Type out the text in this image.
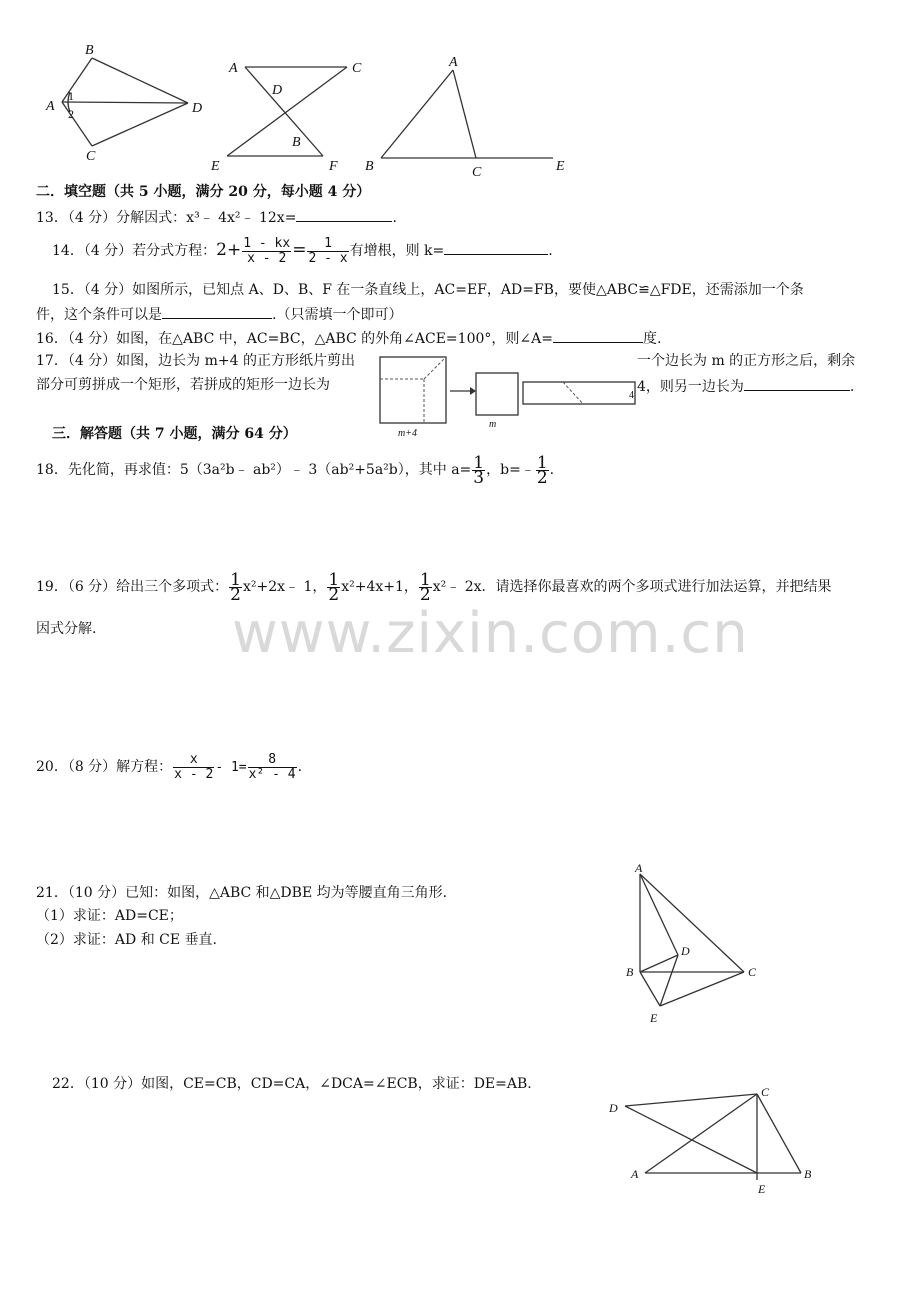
B
A	D
C
1
2
A	C
D
B
E	F
A
B	C	E
二．填空题（共 5 小题，满分 20 分，每小题 4 分）
13．（4 分）分解因式：x³﹣ 4x²﹣ 12x=	.
14．（4 分）若分式方程：$2+ \frac{1 - kx}{x - 2} = \frac{1}{2 - x}$ 有增根，则 k=	.
15．（4 分）如图所示，已知点 A、D、B、F 在一条直线上，AC=EF，AD=FB，要使△ABC≌△FDE，还需添加一个条
件，这个条件可以是	.（只需填一个即可）
16．（4 分）如图，在△ABC 中，AC=BC，△ABC 的外角∠ACE=100°，则∠A=	度.
17．（4 分）如图，边长为 m+4 的正方形纸片剪出	一个边长为 m 的正方形之后，剩余
部分可剪拼成一个矩形，若拼成的矩形一边长为	4，则另一边长为	.
m+4
m
4
三．解答题（共 7 小题，满分 64 分）
18．先化简，再求值：5（3a²b﹣ ab²）﹣ 3（ab²+5a²b），其中 $a= \frac{1}{3}$ ，b=﹣ $\frac{1}{2}$ .
19．（6 分）给出三个多项式： $\frac{1}{2}$ x²+2x﹣ 1， $\frac{1}{2} x^2+4x+1$， $\frac{1}{2}$ x²﹣ 2x．请选择你最喜欢的两个多项式进行加法运算，并把结果
因式分解. www.zixin.com.cn
20．（8 分）解方程： $\frac{x}{x - 2} - 1= \frac{8}{\text{x² - 4}}$ .
21．（10 分）已知：如图，△ABC 和△DBE 均为等腰直角三角形.
（1）求证：AD=CE；
（2）求证：AD 和 CE 垂直.
A
D
B	C
E
22．（10 分）如图，CE=CB，CD=CA，∠DCA=∠ECB，求证：DE=AB.
D
C
A
E
B
